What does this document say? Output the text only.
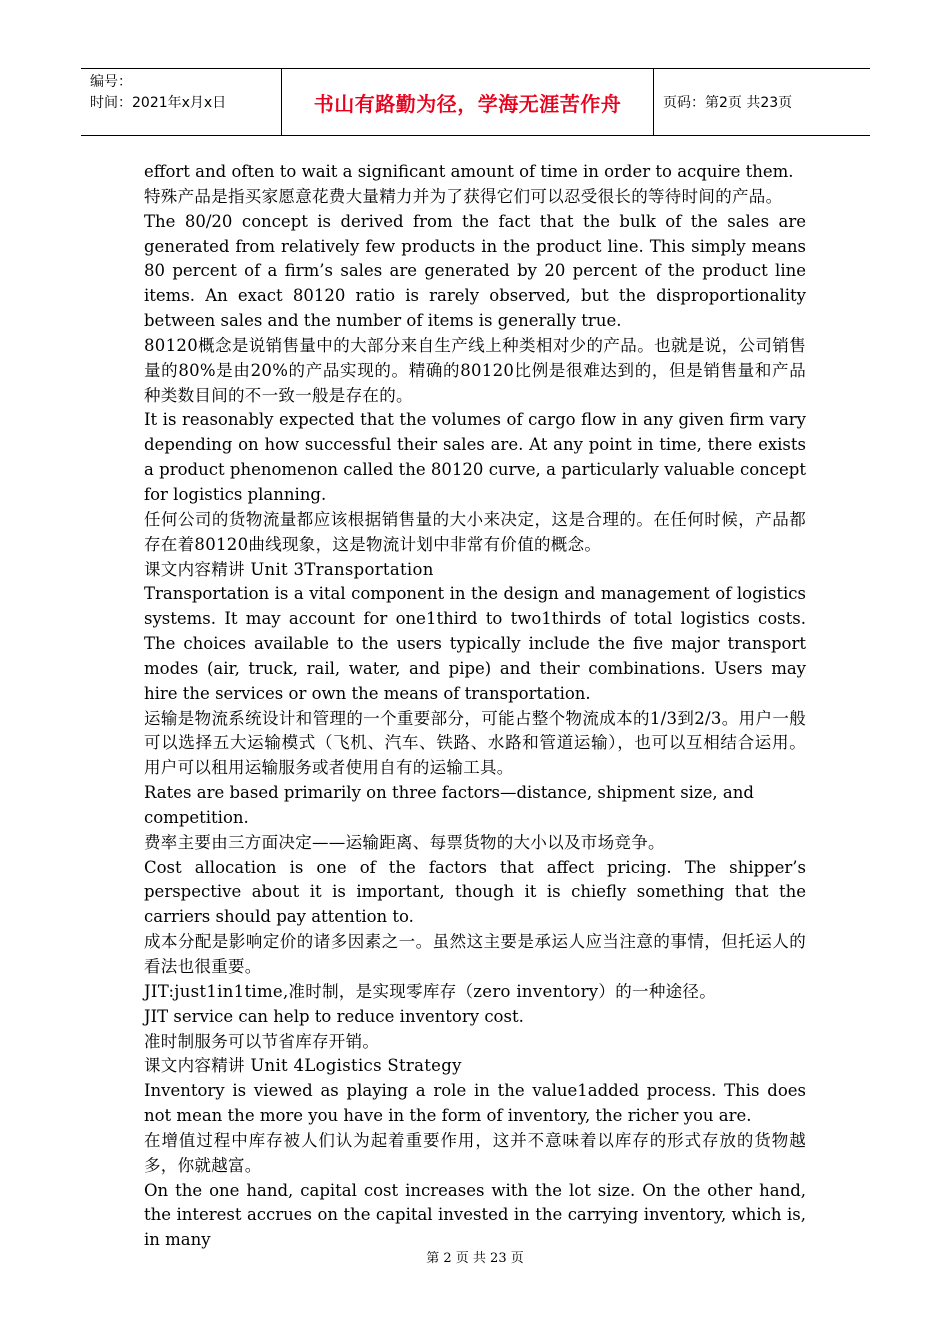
编号：
时间：2021年x月x日	书山有路勤为径，学海无涯苦作舟	页码：第2页 共23页

effort and often to wait a significant amount of time in order to acquire them.

特殊产品是指买家愿意花费大量精力并为了获得它们可以忍受很长的等待时间的产品。

The 80/20 concept is derived from the fact that the bulk of the sales are generated from relatively few products in the product line. This simply means 80 percent of a firm’s sales are generated by 20 percent of the product line items. An exact 80120 ratio is rarely observed, but the disproportionality between sales and the number of items is generally true.

80120概念是说销售量中的大部分来自生产线上种类相对少的产品。也就是说，公司销售量的80%是由20%的产品实现的。精确的80120比例是很难达到的，但是销售量和产品种类数目间的不一致一般是存在的。

It is reasonably expected that the volumes of cargo flow in any given firm vary depending on how successful their sales are. At any point in time, there exists a product phenomenon called the 80120 curve, a particularly valuable concept for logistics planning.

任何公司的货物流量都应该根据销售量的大小来决定，这是合理的。在任何时候，产品都存在着80120曲线现象，这是物流计划中非常有价值的概念。

课文内容精讲 Unit 3Transportation

Transportation is a vital component in the design and management of logistics systems. It may account for one1third to two1thirds of total logistics costs. The choices available to the users typically include the five major transport modes (air, truck, rail, water, and pipe) and their combinations. Users may hire the services or own the means of transportation.

运输是物流系统设计和管理的一个重要部分，可能占整个物流成本的1/3到2/3。用户一般可以选择五大运输模式（飞机、汽车、铁路、水路和管道运输），也可以互相结合运用。用户可以租用运输服务或者使用自有的运输工具。

Rates are based primarily on three factors—distance, shipment size, and competition.

费率主要由三方面决定——运输距离、每票货物的大小以及市场竞争。

Cost allocation is one of the factors that affect pricing. The shipper’s perspective about it is important, though it is chiefly something that the carriers should pay attention to.

成本分配是影响定价的诸多因素之一。虽然这主要是承运人应当注意的事情，但托运人的看法也很重要。

JIT:just1in1time,准时制，是实现零库存（zero inventory）的一种途径。

JIT service can help to reduce inventory cost.

准时制服务可以节省库存开销。

课文内容精讲 Unit 4Logistics Strategy

Inventory is viewed as playing a role in the value1added process. This does not mean the more you have in the form of inventory, the richer you are.

在增值过程中库存被人们认为起着重要作用，这并不意味着以库存的形式存放的货物越多，你就越富。

On the one hand, capital cost increases with the lot size. On the other hand, the interest accrues on the capital invested in the carrying inventory, which is, in many

第 2 页 共 23 页
